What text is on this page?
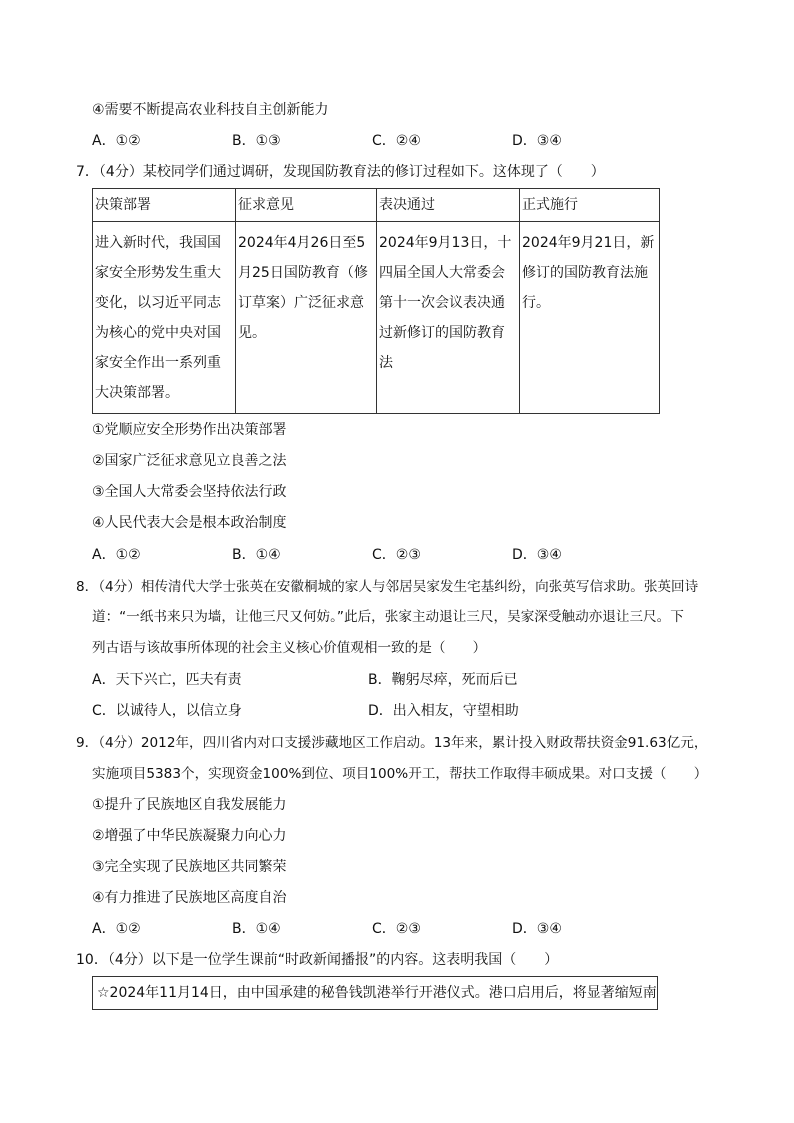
④需要不断提高农业科技自主创新能力
A．①②	B．①③	C．②④	D．③④
7．（4分）某校同学们通过调研，发现国防教育法的修订过程如下。这体现了（　　）
决策部署	征求意见	表决通过	正式施行
进入新时代，我国国家安全形势发生重大变化，以习近平同志为核心的党中央对国家安全作出一系列重大决策部署。	2024年4月26日至5月25日国防教育（修订草案）广泛征求意见。	2024年9月13日，十四届全国人大常委会第十一次会议表决通过新修订的国防教育法	2024年9月21日，新修订的国防教育法施行。
①党顺应安全形势作出决策部署
②国家广泛征求意见立良善之法
③全国人大常委会坚持依法行政
④人民代表大会是根本政治制度
A．①②	B．①④	C．②③	D．③④
8．（4分）相传清代大学士张英在安徽桐城的家人与邻居吴家发生宅基纠纷，向张英写信求助。张英回诗
道：“一纸书来只为墙，让他三尺又何妨。”此后，张家主动退让三尺，吴家深受触动亦退让三尺。下
列古语与该故事所体现的社会主义核心价值观相一致的是（　　）
A．天下兴亡，匹夫有责	B．鞠躬尽瘁，死而后已
C．以诚待人，以信立身	D．出入相友，守望相助
9．（4分）2012年，四川省内对口支援涉藏地区工作启动。13年来，累计投入财政帮扶资金91.63亿元，
实施项目5383个，实现资金100%到位、项目100%开工，帮扶工作取得丰硕成果。对口支援（　　）
①提升了民族地区自我发展能力
②增强了中华民族凝聚力向心力
③完全实现了民族地区共同繁荣
④有力推进了民族地区高度自治
A．①②	B．①④	C．②③	D．③④
10．（4分）以下是一位学生课前“时政新闻播报”的内容。这表明我国（　　）
☆2024年11月14日，由中国承建的秘鲁钱凯港举行开港仪式。港口启用后，将显著缩短南
